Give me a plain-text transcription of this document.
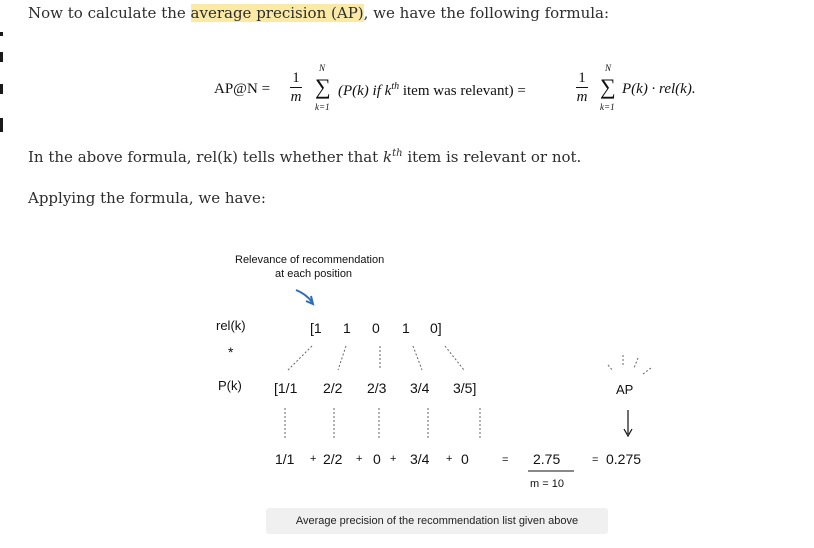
Now to calculate the average precision (AP), we have the following formula:

AP@N =
1
m
N
∑
k=1
(P(k) if $k^{th}$ item was relevant) =
1
m
N
∑
k=1
P(k) · rel(k).

In the above formula, rel(k) tells whether that $k^{th}$ item is relevant or not.

Applying the formula, we have:

Relevance of recommendation
at each position
rel(k)	[1 1 0 1 0]
*
P(k) [1/1 2/2 2/3 3/4 3/5]	AP
1/1 + 2/2 + 0 + 3/4 + 0	= 2.75
m = 10
= 0.275
Average precision of the recommendation list given above
